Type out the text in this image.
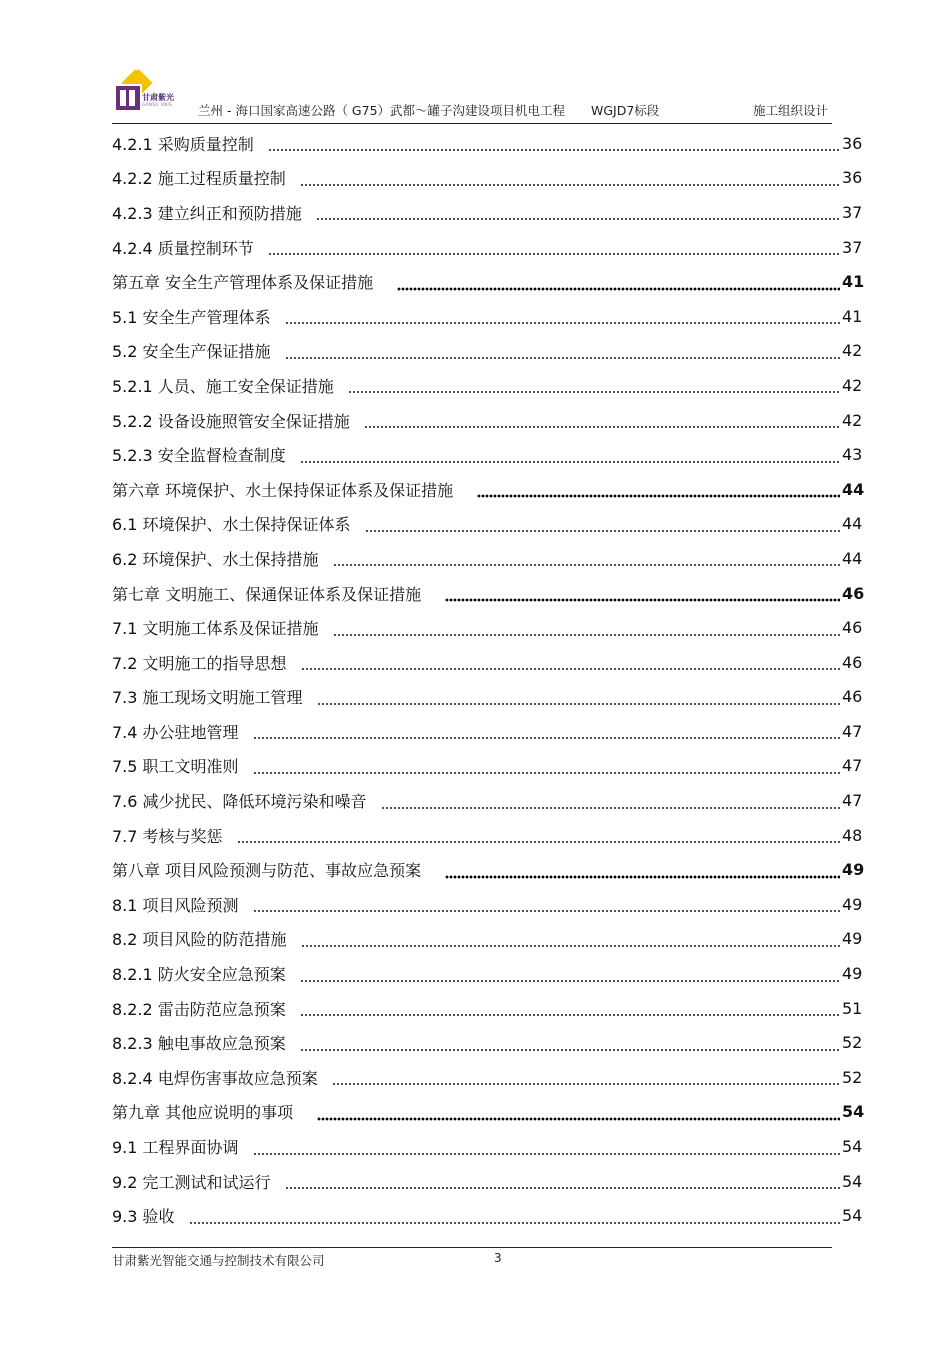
甘肃紫光
GANSU UNIS 兰州 - 海口国家高速公路（ G75）武都～罐子沟建设项目机电工程 WGJD7标段	施工组织设计
4.2.1 采购质量控制	36
4.2.2 施工过程质量控制	36
4.2.3 建立纠正和预防措施	37
4.2.4 质量控制环节	37
第五章 安全生产管理体系及保证措施	41
5.1 安全生产管理体系	41
5.2 安全生产保证措施	42
5.2.1 人员、施工安全保证措施	42
5.2.2 设备设施照管安全保证措施	42
5.2.3 安全监督检查制度	43
第六章 环境保护、水土保持保证体系及保证措施	44
6.1 环境保护、水土保持保证体系	44
6.2 环境保护、水土保持措施	44
第七章 文明施工、保通保证体系及保证措施	46
7.1 文明施工体系及保证措施	46
7.2 文明施工的指导思想	46
7.3 施工现场文明施工管理	46
7.4 办公驻地管理	47
7.5 职工文明准则	47
7.6 减少扰民、降低环境污染和噪音	47
7.7 考核与奖惩	48
第八章 项目风险预测与防范、事故应急预案	49
8.1 项目风险预测	49
8.2 项目风险的防范措施	49
8.2.1 防火安全应急预案	49
8.2.2 雷击防范应急预案	51
8.2.3 触电事故应急预案	52
8.2.4 电焊伤害事故应急预案	52
第九章 其他应说明的事项	54
9.1 工程界面协调	54
9.2 完工测试和试运行	54
9.3 验收	54
甘肃紫光智能交通与控制技术有限公司	3
